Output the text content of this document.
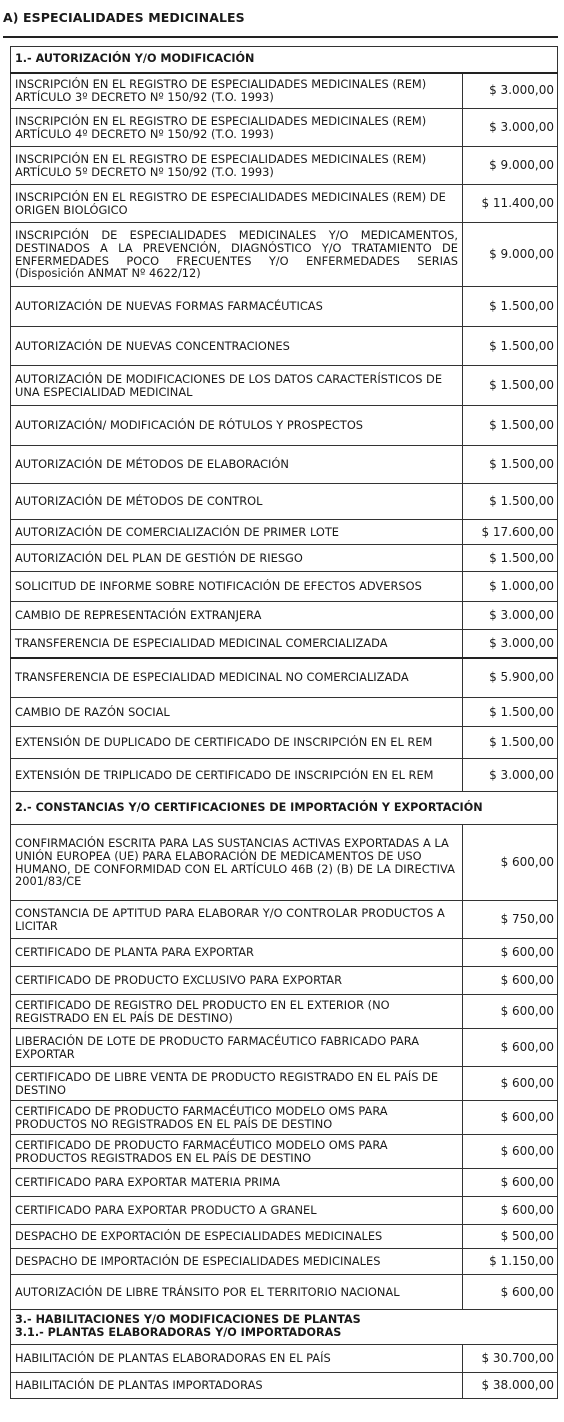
A) ESPECIALIDADES MEDICINALES
1.- AUTORIZACIÓN Y/O MODIFICACIÓN	
INSCRIPCIÓN EN EL REGISTRO DE ESPECIALIDADES MEDICINALES (REM) ARTÍCULO 3º DECRETO Nº 150/92 (T.O. 1993)	$ 3.000,00
INSCRIPCIÓN EN EL REGISTRO DE ESPECIALIDADES MEDICINALES (REM) ARTÍCULO 4º DECRETO Nº 150/92 (T.O. 1993)	$ 3.000,00
INSCRIPCIÓN EN EL REGISTRO DE ESPECIALIDADES MEDICINALES (REM) ARTÍCULO 5º DECRETO Nº 150/92 (T.O. 1993)	$ 9.000,00
INSCRIPCIÓN EN EL REGISTRO DE ESPECIALIDADES MEDICINALES (REM) DE ORIGEN BIOLÓGICO	$ 11.400,00
INSCRIPCIÓN DE ESPECIALIDADES MEDICINALES Y/O MEDICAMENTOS, DESTINADOS A LA PREVENCIÓN, DIAGNÓSTICO Y/O TRATAMIENTO DE ENFERMEDADES POCO FRECUENTES Y/O ENFERMEDADES SERIAS (Disposición ANMAT Nº 4622/12)	$ 9.000,00
AUTORIZACIÓN DE NUEVAS FORMAS FARMACÉUTICAS	$ 1.500,00
AUTORIZACIÓN DE NUEVAS CONCENTRACIONES	$ 1.500,00
AUTORIZACIÓN DE MODIFICACIONES DE LOS DATOS CARACTERÍSTICOS DE UNA ESPECIALIDAD MEDICINAL	$ 1.500,00
AUTORIZACIÓN/ MODIFICACIÓN DE RÓTULOS Y PROSPECTOS	$ 1.500,00
AUTORIZACIÓN DE MÉTODOS DE ELABORACIÓN	$ 1.500,00
AUTORIZACIÓN DE MÉTODOS DE CONTROL	$ 1.500,00
AUTORIZACIÓN DE COMERCIALIZACIÓN DE PRIMER LOTE	$ 17.600,00
AUTORIZACIÓN DEL PLAN DE GESTIÓN DE RIESGO	$ 1.500,00
SOLICITUD DE INFORME SOBRE NOTIFICACIÓN DE EFECTOS ADVERSOS	$ 1.000,00
CAMBIO DE REPRESENTACIÓN EXTRANJERA	$ 3.000,00
TRANSFERENCIA DE ESPECIALIDAD MEDICINAL COMERCIALIZADA	$ 3.000,00
TRANSFERENCIA DE ESPECIALIDAD MEDICINAL NO COMERCIALIZADA	$ 5.900,00
CAMBIO DE RAZÓN SOCIAL	$ 1.500,00
EXTENSIÓN DE DUPLICADO DE CERTIFICADO DE INSCRIPCIÓN EN EL REM	$ 1.500,00
EXTENSIÓN DE TRIPLICADO DE CERTIFICADO DE INSCRIPCIÓN EN EL REM	$ 3.000,00
2.- CONSTANCIAS Y/O CERTIFICACIONES DE IMPORTACIÓN Y EXPORTACIÓN	
CONFIRMACIÓN ESCRITA PARA LAS SUSTANCIAS ACTIVAS EXPORTADAS A LA UNIÓN EUROPEA (UE) PARA ELABORACIÓN DE MEDICAMENTOS DE USO HUMANO, DE CONFORMIDAD CON EL ARTÍCULO 46B (2) (B) DE LA DIRECTIVA 2001/83/CE	$ 600,00
CONSTANCIA DE APTITUD PARA ELABORAR Y/O CONTROLAR PRODUCTOS A LICITAR	$ 750,00
CERTIFICADO DE PLANTA PARA EXPORTAR	$ 600,00
CERTIFICADO DE PRODUCTO EXCLUSIVO PARA EXPORTAR	$ 600,00
CERTIFICADO DE REGISTRO DEL PRODUCTO EN EL EXTERIOR (NO REGISTRADO EN EL PAÍS DE DESTINO)	$ 600,00
LIBERACIÓN DE LOTE DE PRODUCTO FARMACÉUTICO FABRICADO PARA EXPORTAR	$ 600,00
CERTIFICADO DE LIBRE VENTA DE PRODUCTO REGISTRADO EN EL PAÍS DE DESTINO	$ 600,00
CERTIFICADO DE PRODUCTO FARMACÉUTICO MODELO OMS PARA PRODUCTOS NO REGISTRADOS EN EL PAÍS DE DESTINO	$ 600,00
CERTIFICADO DE PRODUCTO FARMACÉUTICO MODELO OMS PARA PRODUCTOS REGISTRADOS EN EL PAÍS DE DESTINO	$ 600,00
CERTIFICADO PARA EXPORTAR MATERIA PRIMA	$ 600,00
CERTIFICADO PARA EXPORTAR PRODUCTO A GRANEL	$ 600,00
DESPACHO DE EXPORTACIÓN DE ESPECIALIDADES MEDICINALES	$ 500,00
DESPACHO DE IMPORTACIÓN DE ESPECIALIDADES MEDICINALES	$ 1.150,00
AUTORIZACIÓN DE LIBRE TRÁNSITO POR EL TERRITORIO NACIONAL	$ 600,00
3.- HABILITACIONES Y/O MODIFICACIONES DE PLANTAS
3.1.- PLANTAS ELABORADORAS Y/O IMPORTADORAS	
HABILITACIÓN DE PLANTAS ELABORADORAS EN EL PAÍS	$ 30.700,00
HABILITACIÓN DE PLANTAS IMPORTADORAS	$ 38.000,00
